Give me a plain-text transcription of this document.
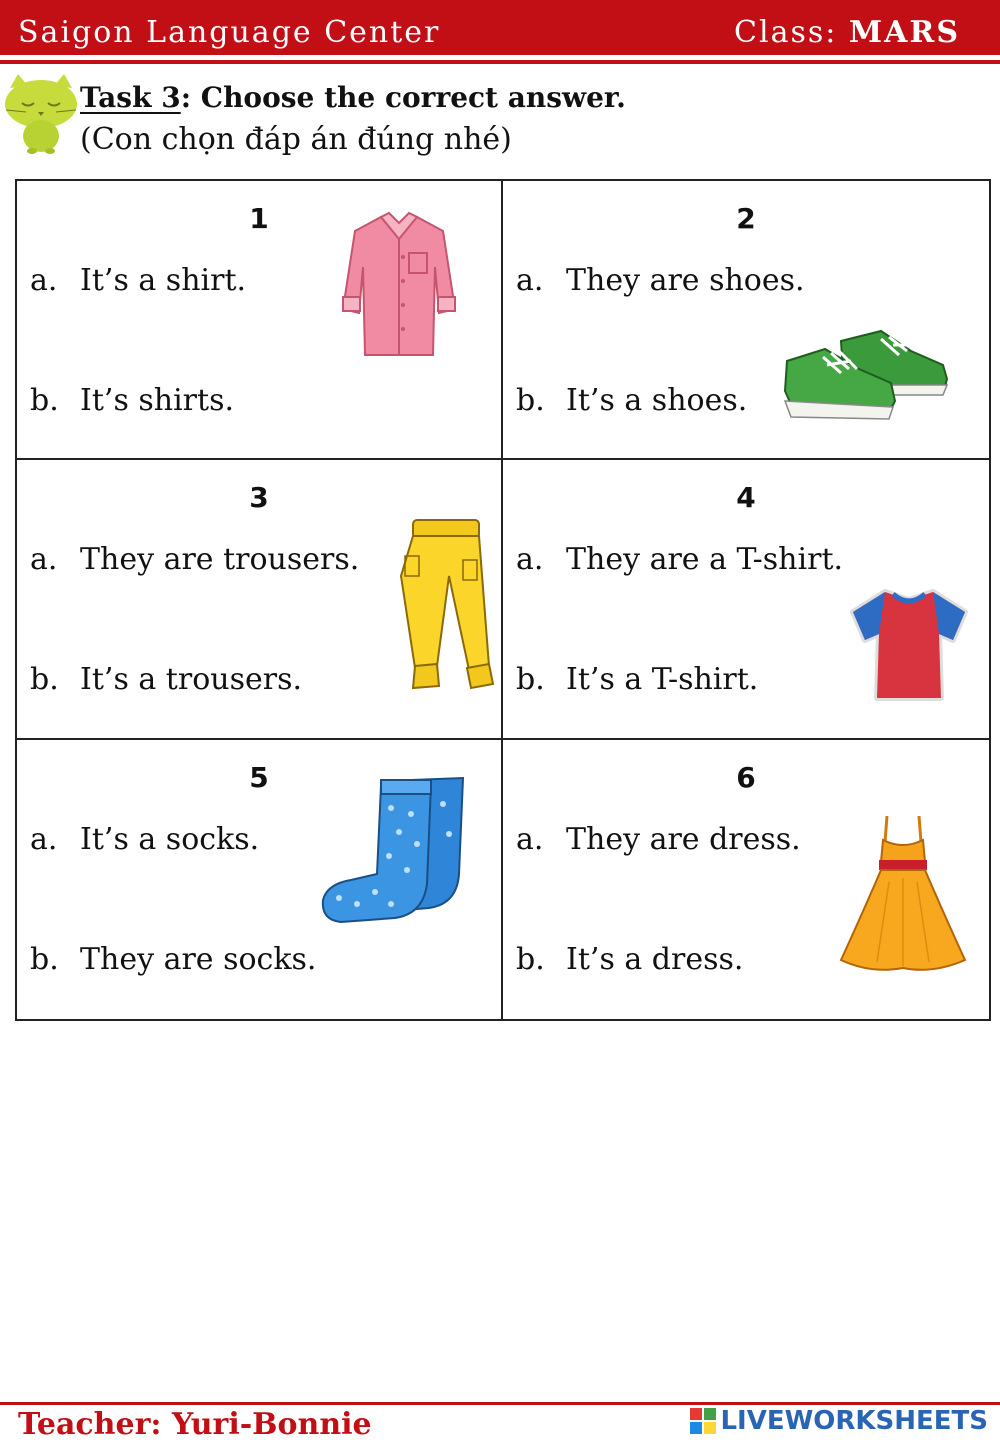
Saigon Language Center	Class: MARS
Task 3: Choose the correct answer.
(Con chọn đáp án đúng nhé)
1
a. It’s a shirt.
b. It’s shirts.
2
a. They are shoes.
b. It’s a shoes.
3
a. They are trousers.
b. It’s a trousers.
4
a. They are a T-shirt.
b. It’s a T-shirt.
5
a. It’s a socks.
b. They are socks.
6
a. They are dress.
b. It’s a dress.
Teacher: Yuri-Bonnie	LIVEWORKSHEETS
